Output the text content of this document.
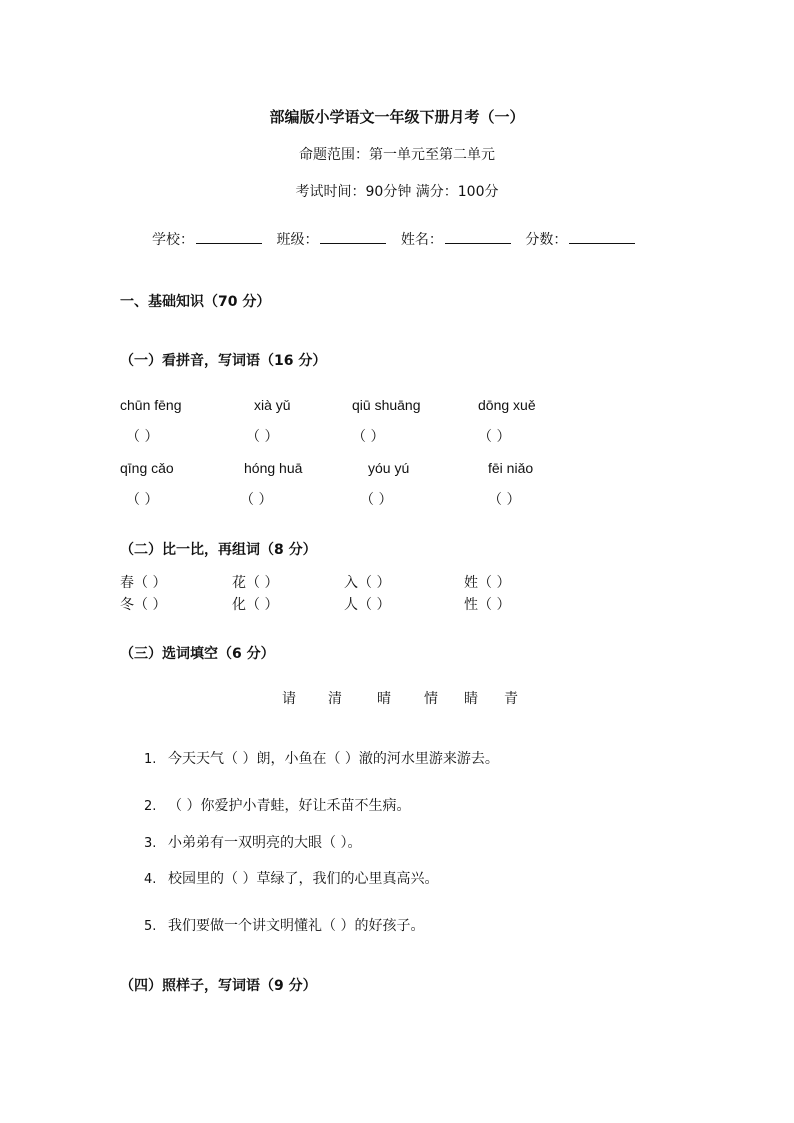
部编版小学语文一年级下册月考（一）
命题范围：第一单元至第二单元
考试时间：90分钟 满分：100分
学校：	班级：	姓名：	分数：
一、基础知识（70 分）
（一）看拼音，写词语（16 分）
chūn fēng	xià yǔ	qiū shuāng	dōng xuě
（ ）	（ ）	（ ）	（ ）
qīng cǎo	hóng huā	yóu yú	fēi niǎo
（ ）	（ ）	（ ）	（ ）
（二）比一比，再组词（8 分）
春（ ）	花（ ）	入（ ）	姓（ ）
冬（ ）	化（ ）	人（ ）	性（ ）
（三）选词填空（6 分）
请 清	晴 情 睛 青
1. 今天天气（ ）朗，小鱼在（ ）澈的河水里游来游去。
2. （ ）你爱护小青蛙，好让禾苗不生病。
3. 小弟弟有一双明亮的大眼（ ）。
4. 校园里的（ ）草绿了，我们的心里真高兴。
5. 我们要做一个讲文明懂礼（ ）的好孩子。
（四）照样子，写词语（9 分）
